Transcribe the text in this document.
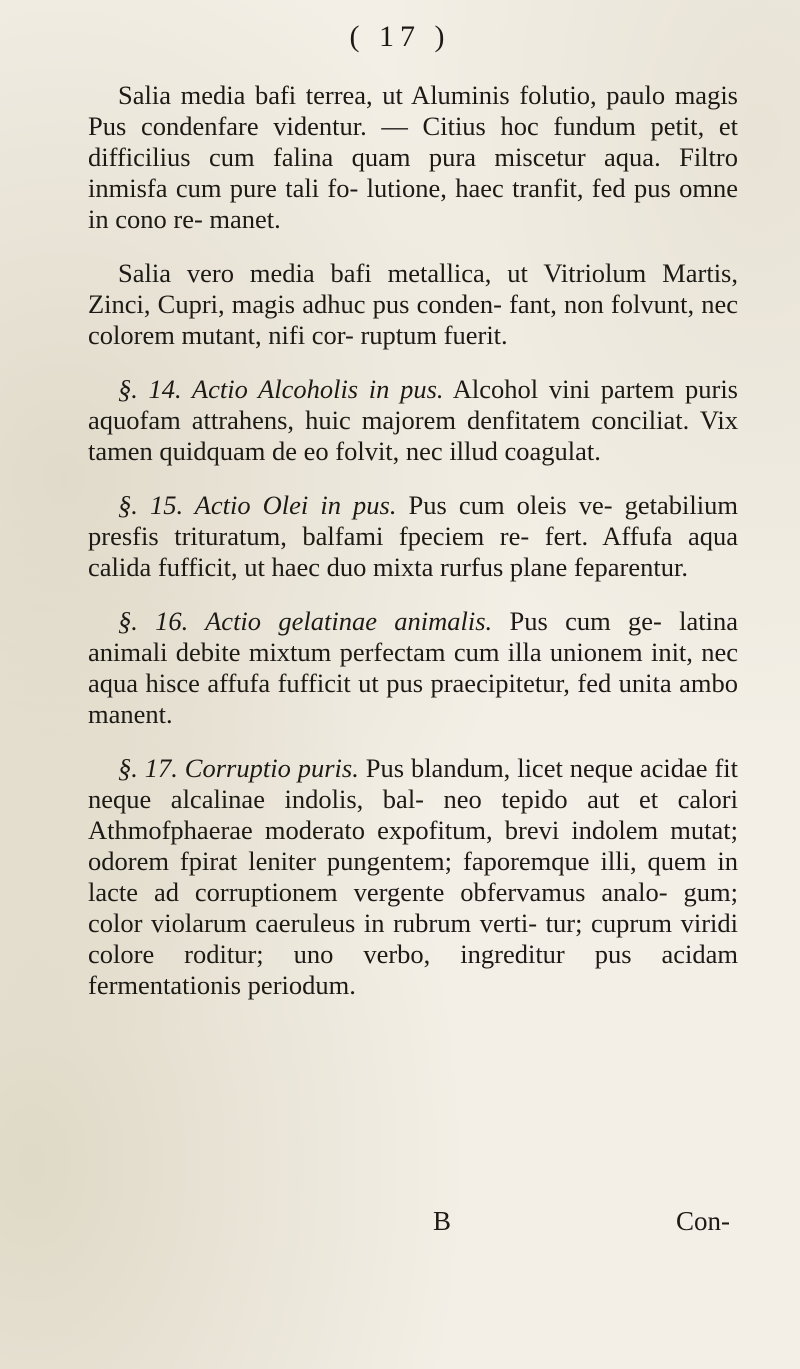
( 17 )

Salia media bafi terrea, ut Aluminis folutio, paulo magis Pus condenfare videntur. — Citius hoc fundum petit, et difficilius cum falina quam pura miscetur aqua. Filtro inmisfa cum pure tali fo- lutione, haec tranfit, fed pus omne in cono re- manet.

Salia vero media bafi metallica, ut Vitriolum Martis, Zinci, Cupri, magis adhuc pus conden- fant, non folvunt, nec colorem mutant, nifi cor- ruptum fuerit.

§. 14. Actio Alcoholis in pus. Alcohol vini partem puris aquofam attrahens, huic majorem denfitatem conciliat. Vix tamen quidquam de eo folvit, nec illud coagulat.

§. 15. Actio Olei in pus. Pus cum oleis ve- getabilium presfis trituratum, balfami fpeciem re- fert. Affufa aqua calida fufficit, ut haec duo mixta rurfus plane feparentur.

§. 16. Actio gelatinae animalis. Pus cum ge- latina animali debite mixtum perfectam cum illa unionem init, nec aqua hisce affufa fufficit ut pus praecipitetur, fed unita ambo manent.

§. 17. Corruptio puris. Pus blandum, licet neque acidae fit neque alcalinae indolis, bal- neo tepido aut et calori Athmofphaerae moderato expofitum, brevi indolem mutat; odorem fpirat leniter pungentem; faporemque illi, quem in lacte ad corruptionem vergente obfervamus analo- gum; color violarum caeruleus in rubrum verti- tur; cuprum viridi colore roditur; uno verbo, ingreditur pus acidam fermentationis periodum.

B	Con-
